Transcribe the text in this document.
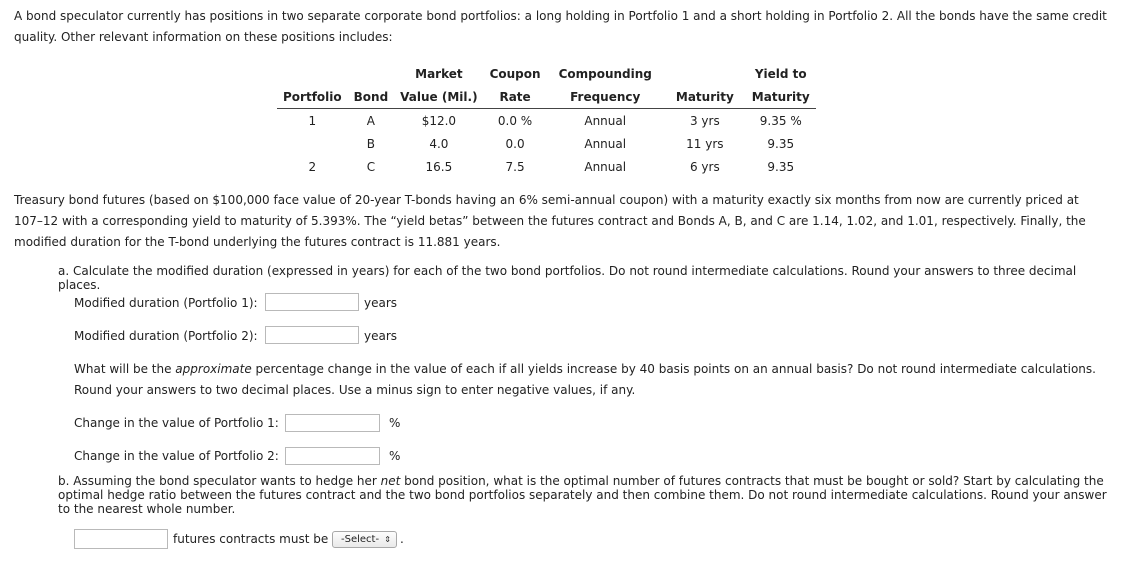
A bond speculator currently has positions in two separate corporate bond portfolios: a long holding in Portfolio 1 and a short holding in Portfolio 2. All the bonds have the same credit quality. Other relevant information on these positions includes:

		Market	Coupon	Compounding		Yield to
Portfolio	Bond	Value (Mil.)	Rate	Frequency	Maturity	Maturity
1	A	$12.0	0.0 %	Annual	3 yrs	9.35 %
	B	4.0	0.0	Annual	11 yrs	9.35
2	C	16.5	7.5	Annual	6 yrs	9.35

Treasury bond futures (based on $100,000 face value of 20-year T-bonds having an 6% semi-annual coupon) with a maturity exactly six months from now are currently priced at 107–12 with a corresponding yield to maturity of 5.393%. The “yield betas” between the futures contract and Bonds A, B, and C are 1.14, 1.02, and 1.01, respectively. Finally, the modified duration for the T-bond underlying the futures contract is 11.881 years.

a. Calculate the modified duration (expressed in years) for each of the two bond portfolios. Do not round intermediate calculations. Round your answers to three decimal places.

Modified duration (Portfolio 1):	years
Modified duration (Portfolio 2):	years

What will be the approximate percentage change in the value of each if all yields increase by 40 basis points on an annual basis? Do not round intermediate calculations. Round your answers to two decimal places. Use a minus sign to enter negative values, if any.

Change in the value of Portfolio 1:	%
Change in the value of Portfolio 2:	%

b. Assuming the bond speculator wants to hedge her net bond position, what is the optimal number of futures contracts that must be bought or sold? Start by calculating the optimal hedge ratio between the futures contract and the two bond portfolios separately and then combine them. Do not round intermediate calculations. Round your answer to the nearest whole number.

futures contracts must be	-Select- ⇕ .
